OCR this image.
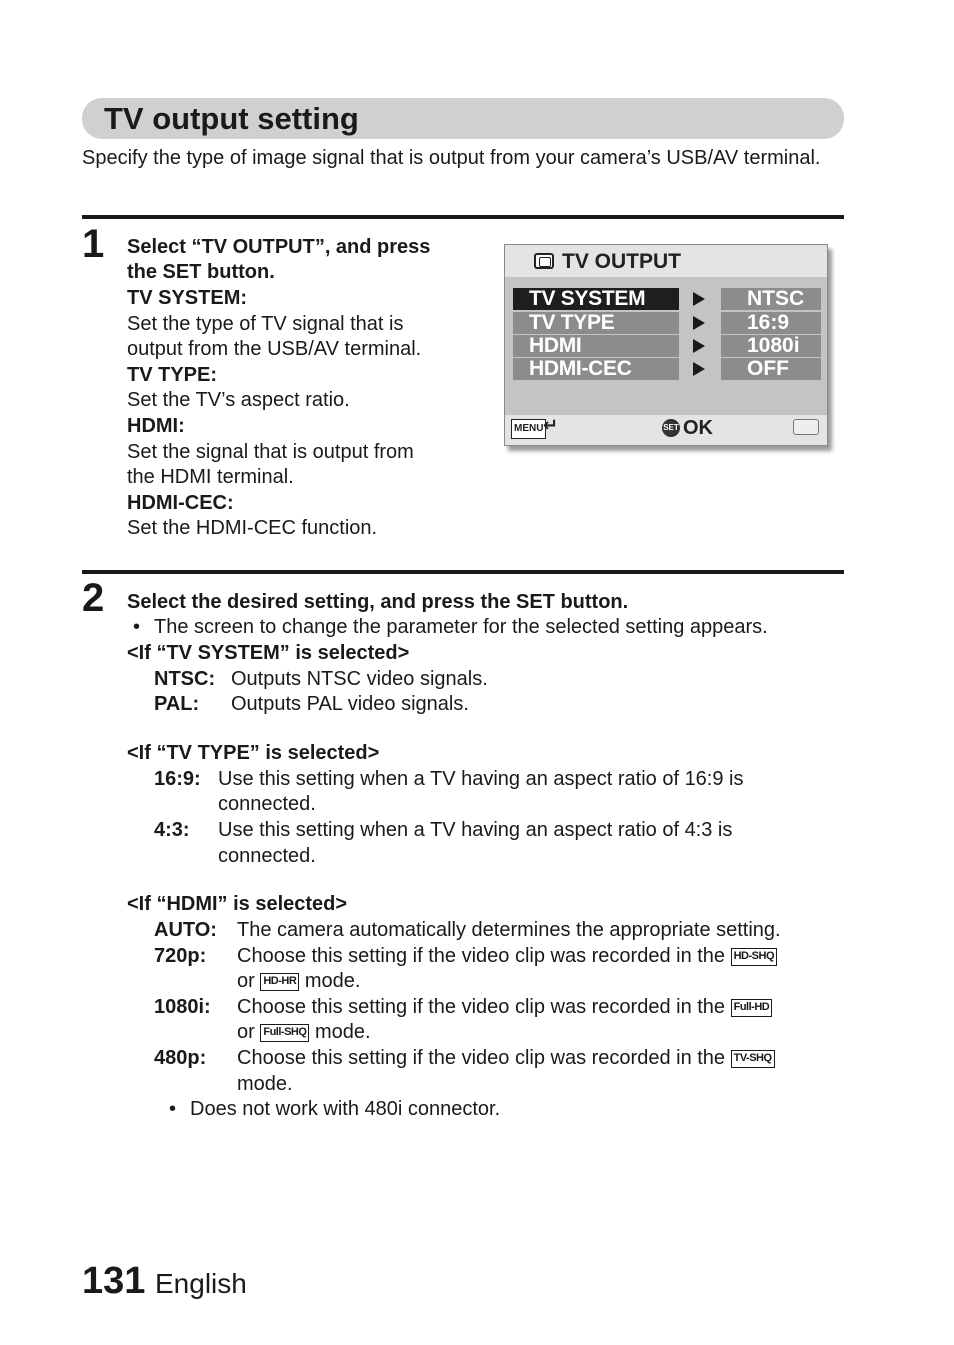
TV output setting
Specify the type of image signal that is output from your camera’s USB/AV terminal.
1 Select “TV OUTPUT”, and press
the SET button.
TV SYSTEM:
Set the type of TV signal that is
output from the USB/AV terminal.
TV TYPE:
Set the TV’s aspect ratio.
HDMI:
Set the signal that is output from
the HDMI terminal.
HDMI-CEC:
Set the HDMI-CEC function.
TV OUTPUT
TV SYSTEM
TV TYPE
HDMI
HDMI-CEC
NTSC
16:9
1080i
OFF
MENU ↵	SET OK
2 Select the desired setting, and press the SET button.
• The screen to change the parameter for the selected setting appears.
<If “TV SYSTEM” is selected>
NTSC: Outputs NTSC video signals.
PAL: Outputs PAL video signals.
<If “TV TYPE” is selected>
16:9: Use this setting when a TV having an aspect ratio of 16:9 is
connected.
4:3: Use this setting when a TV having an aspect ratio of 4:3 is
connected.
<If “HDMI” is selected>
AUTO: The camera automatically determines the appropriate setting.
720p: Choose this setting if the video clip was recorded in the HD-SHQ
or HD-HR mode.
1080i: Choose this setting if the video clip was recorded in the Full-HD
or Full-SHQ mode.
480p: Choose this setting if the video clip was recorded in the TV-SHQ
mode.
• Does not work with 480i connector.
131 English
